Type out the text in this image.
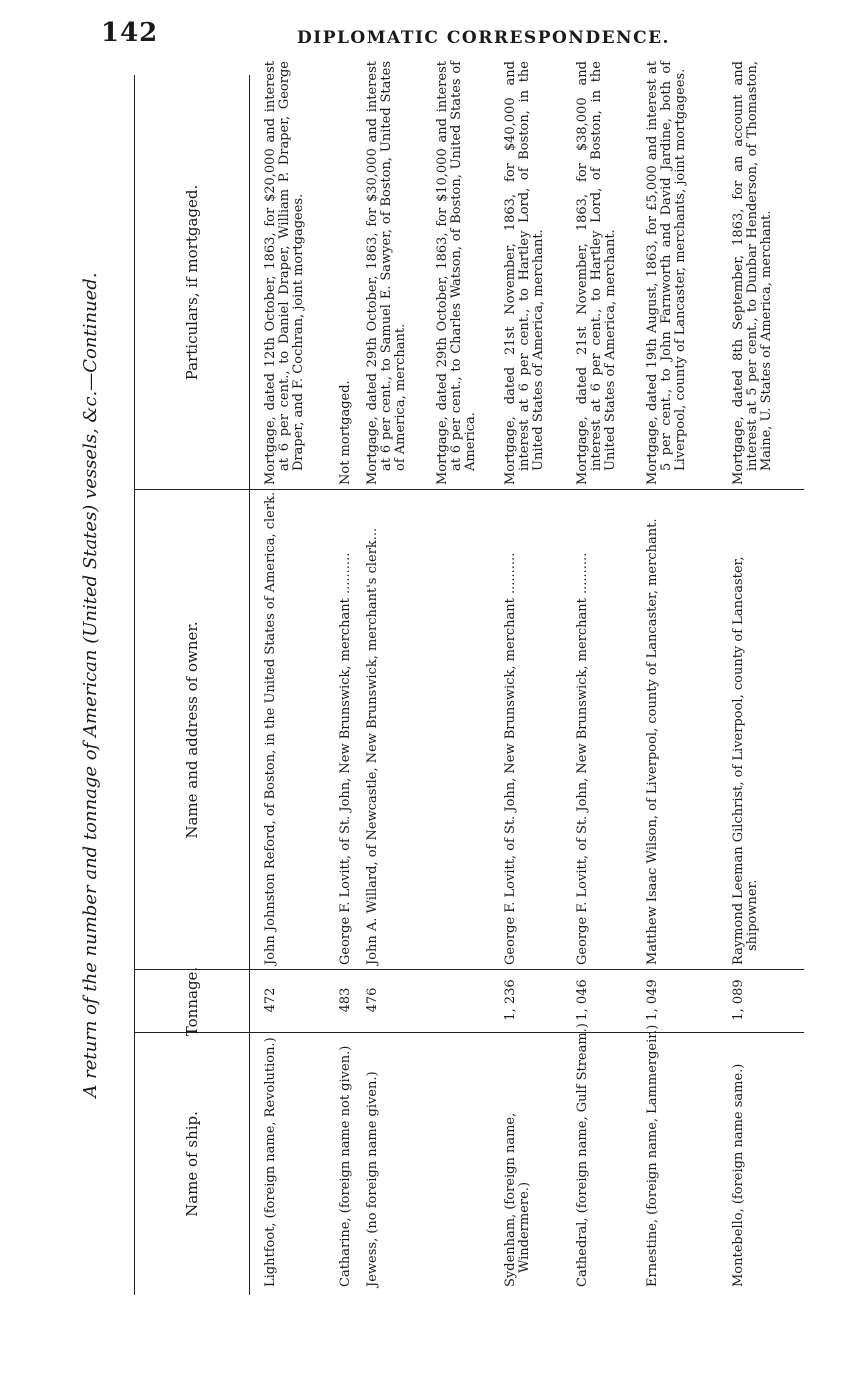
142	DIPLOMATIC CORRESPONDENCE.
A return of the number and tonnage of American (United States) vessels, &c.—Continued.
Name of ship.
Tonnage.
Name and address of owner.
Particulars, if mortgaged.
Lightfoot, (foreign name, Revolution.)
472
John Johnston Reford, of Boston, in the United States of America, clerk.
Mortgage, dated 12th October, 1863, for $20,000 and interest at 6 per cent., to Daniel Draper, William P. Draper, George Draper, and F. Cochran, joint mortgagees.
Catharine, (foreign name not given.)
483
George F. Lovitt, of St. John, New Brunswick, merchant ..........
Not mortgaged.
Jewess, (no foreign name given.)
476
John A. Willard, of Newcastle, New Brunswick, merchant's clerk...
Mortgage, dated 29th October, 1863, for $30,000 and interest at 6 per cent., to Samuel E. Sawyer, of Boston, United States of America, merchant. Mortgage, dated 29th October, 1863, for $10,000 and interest at 6 per cent., to Charles Watson, of Boston, United States of America.
Sydenham, (foreign name, Windermere.)
1, 236
George F. Lovitt, of St. John, New Brunswick, merchant ..........
Mortgage, dated 21st November, 1863, for $40,000 and interest at 6 per cent., to Hartley Lord, of Boston, in the United States of America, merchant.
Cathedral, (foreign name, Gulf Stream.)
1, 046
George F. Lovitt, of St. John, New Brunswick, merchant ..........
Mortgage, dated 21st November, 1863, for $38,000 and interest at 6 per cent., to Hartley Lord, of Boston, in the United States of America, merchant.
Ernestine, (foreign name, Lammergeir.)
1, 049
Matthew Isaac Wilson, of Liverpool, county of Lancaster, merchant.
Mortgage, dated 19th August, 1863, for £5,000 and interest at 5 per cent., to John Farnworth and David Jardine, both of Liverpool, county of Lancaster, merchants, joint mortgagees.
Montebello, (foreign name same.)
1, 089
Raymond Leeman Gilchrist, of Liverpool, county of Lancaster, shipowner.
Mortgage, dated 8th September, 1863, for an account and interest at 5 per cent., to Dunbar Henderson, of Thomaston, Maine, U. States of America, merchant.
